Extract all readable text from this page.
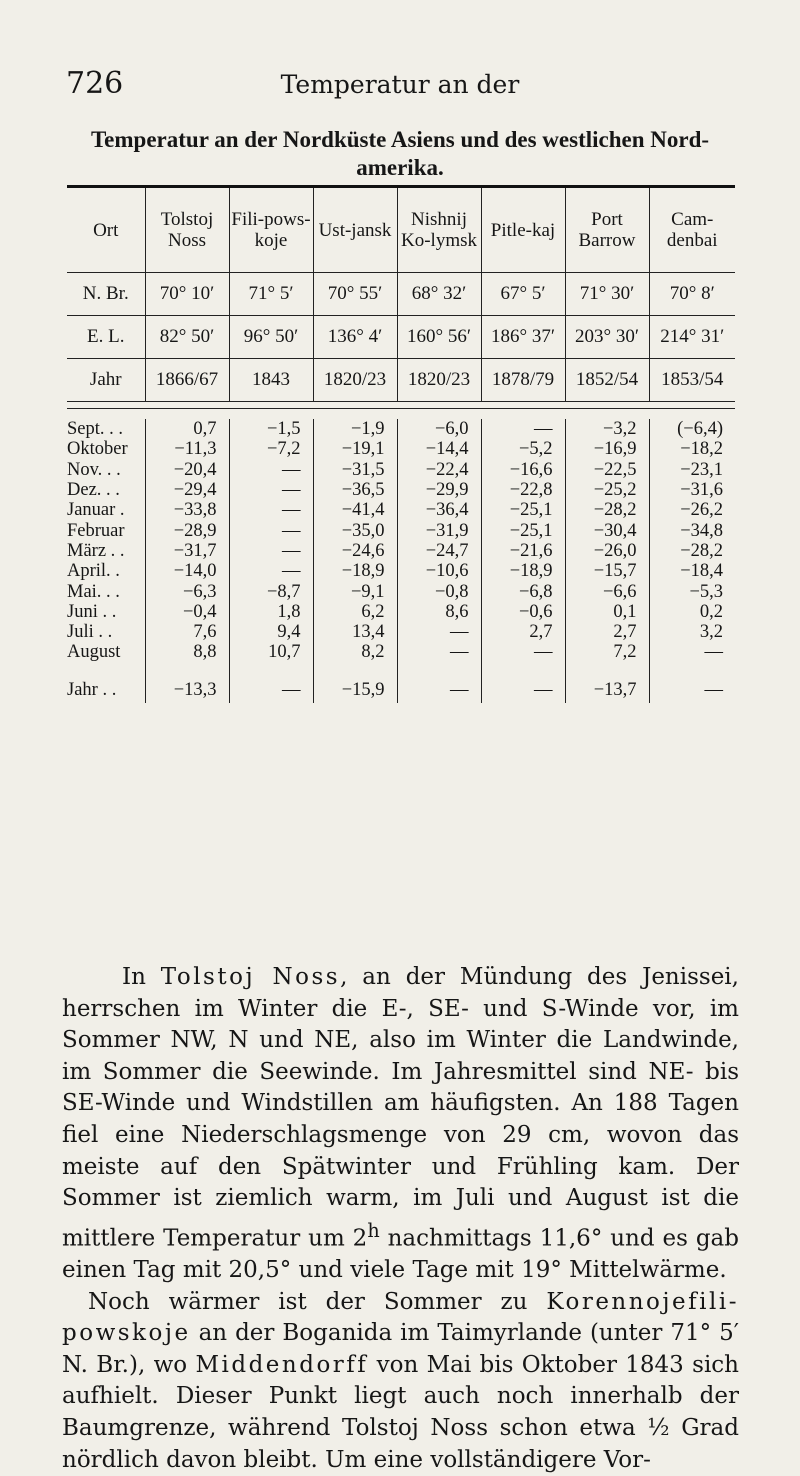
726	Temperatur an der
Temperatur an der Nordküste Asiens und des westlichen Nord-amerika.
Ort	Tolstoj Noss	Fili-pows-koje	Ust-jansk	Nishnij Ko-lymsk	Pitle-kaj	Port Barrow	Cam-denbai
N. Br.	70° 10′	71° 5′	70° 55′	68° 32′	67° 5′	71° 30′	70° 8′
E. L.	82° 50′	96° 50′	136° 4′	160° 56′	186° 37′	203° 30′	214° 31′
Jahr	1866/67	1843	1820/23	1820/23	1878/79	1852/54	1853/54

Sept. . .	0,7	−1,5	−1,9	−6,0	—	−3,2	(−6,4)
Oktober	−11,3	−7,2	−19,1	−14,4	−5,2	−16,9	−18,2
Nov. . .	−20,4	—	−31,5	−22,4	−16,6	−22,5	−23,1
Dez. . .	−29,4	—	−36,5	−29,9	−22,8	−25,2	−31,6
Januar .	−33,8	—	−41,4	−36,4	−25,1	−28,2	−26,2
Februar	−28,9	—	−35,0	−31,9	−25,1	−30,4	−34,8
März . .	−31,7	—	−24,6	−24,7	−21,6	−26,0	−28,2
April. .	−14,0	—	−18,9	−10,6	−18,9	−15,7	−18,4
Mai. . .	−6,3	−8,7	−9,1	−0,8	−6,8	−6,6	−5,3
Juni . .	−0,4	1,8	6,2	8,6	−0,6	0,1	0,2
Juli . .	7,6	9,4	13,4	—	2,7	2,7	3,2
August	8,8	10,7	8,2	—	—	7,2	—

Jahr . .	−13,3	—	−15,9	—	—	−13,7	—

In Tolstoj Noss, an der Mündung des Jenissei, herrschen im Winter die E-, SE- und S-Winde vor, im Sommer NW, N und NE, also im Winter die Landwinde, im Sommer die Seewinde. Im Jahresmittel sind NE- bis SE-Winde und Windstillen am häufigsten. An 188 Tagen fiel eine Niederschlagsmenge von 29 cm, wovon das meiste auf den Spätwinter und Frühling kam. Der Sommer ist ziemlich warm, im Juli und August ist die mittlere Temperatur um 2$^h$ nachmittags 11,6° und es gab einen Tag mit 20,5° und viele Tage mit 19° Mittelwärme.

Noch wärmer ist der Sommer zu Korennojefili-powskoje an der Boganida im Taimyrlande (unter 71° 5′ N. Br.), wo Middendorff von Mai bis Oktober 1843 sich aufhielt. Dieser Punkt liegt auch noch innerhalb der Baumgrenze, während Tolstoj Noss schon etwa ½ Grad nördlich davon bleibt. Um eine vollständigere Vor-
